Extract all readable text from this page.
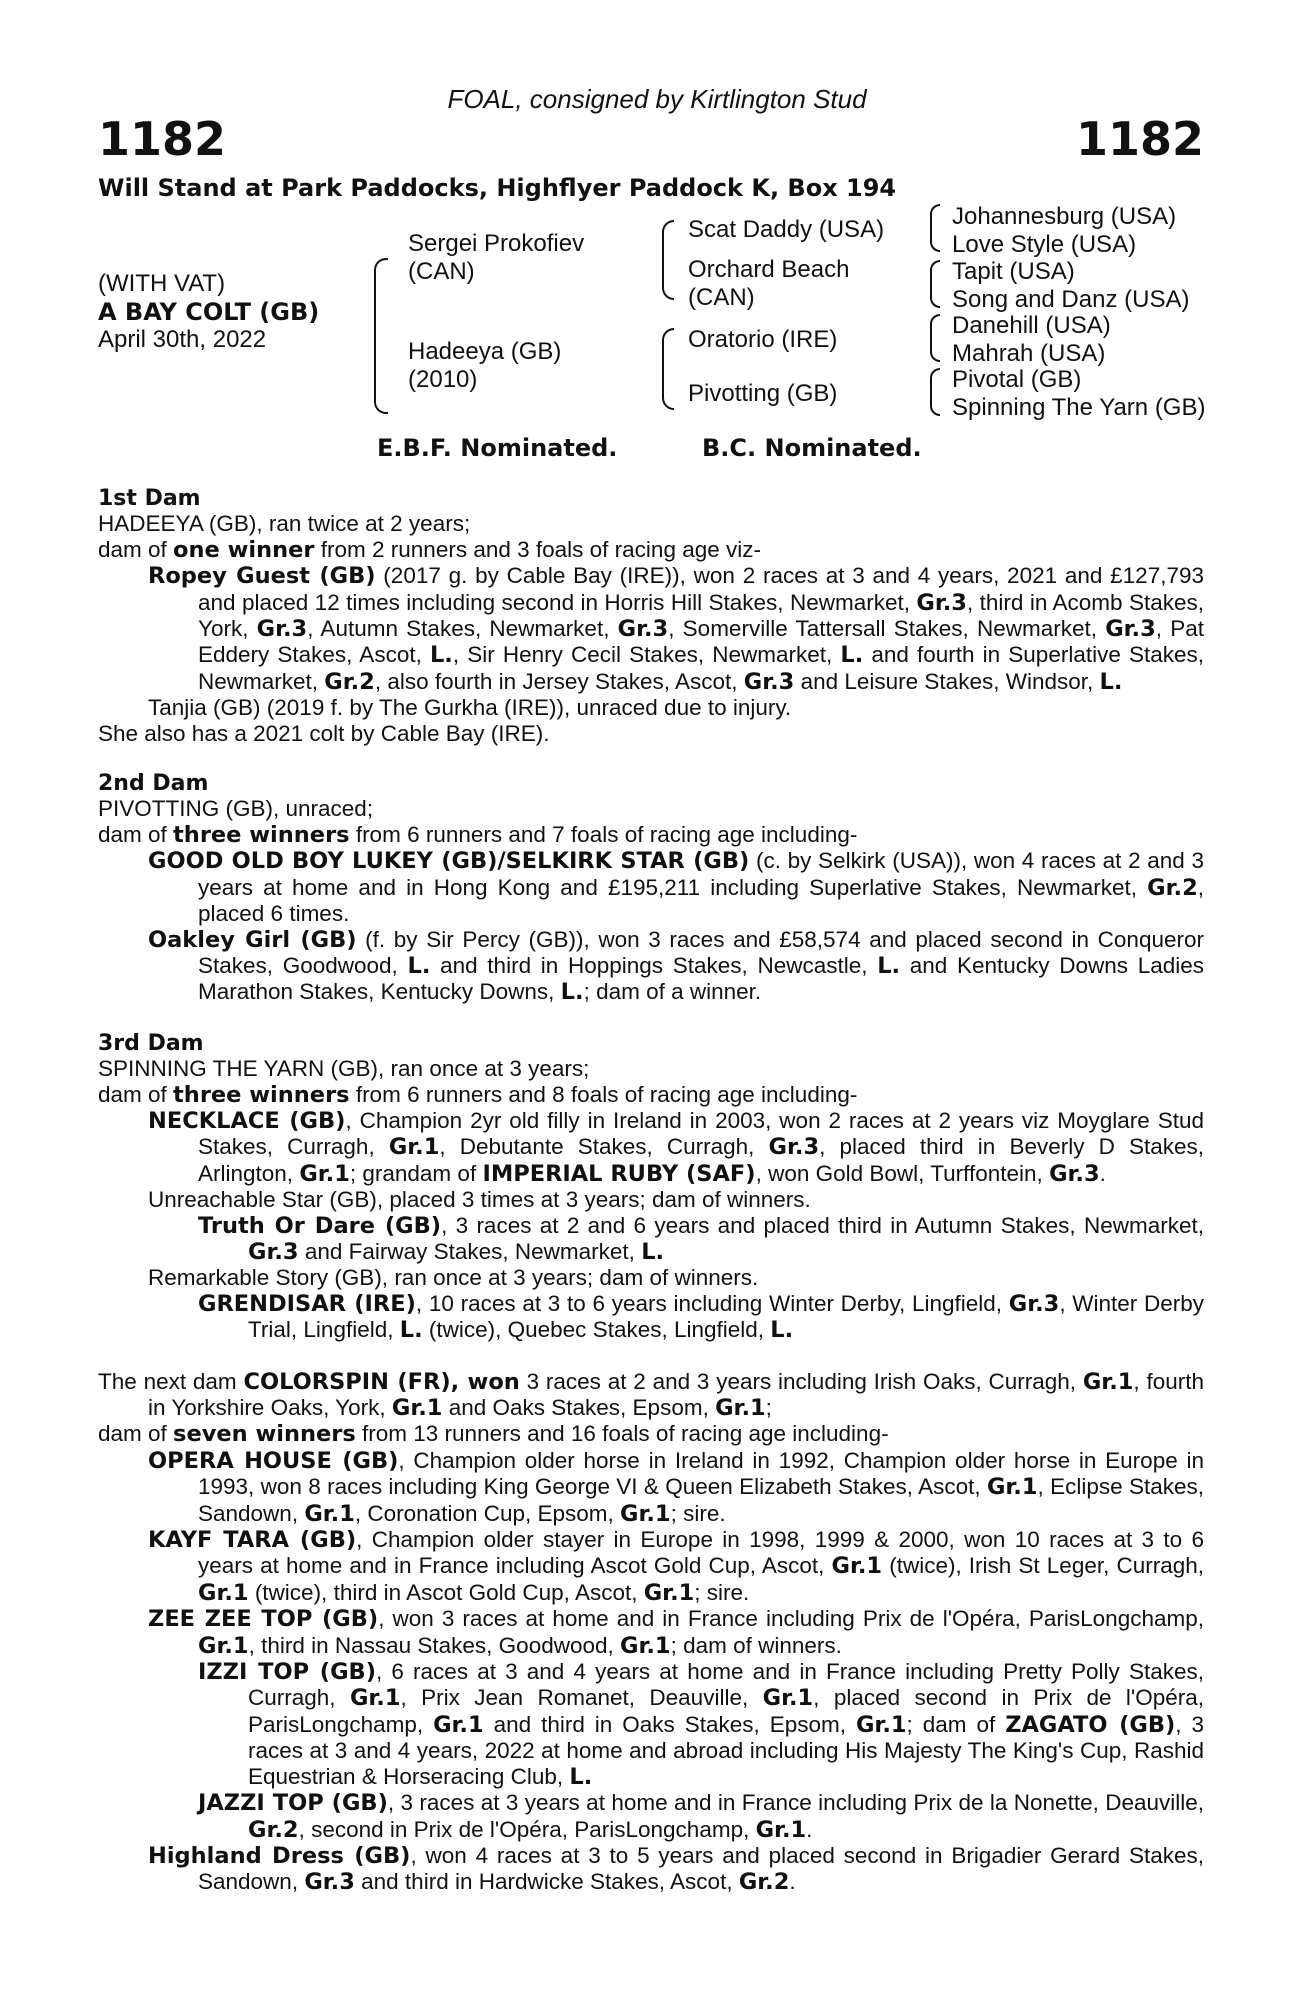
FOAL, consigned by Kirtlington Stud
1182	1182
Will Stand at Park Paddocks, Highflyer Paddock K, Box 194
(WITH VAT)
A BAY COLT (GB)
April 30th, 2022
Sergei Prokofiev
(CAN)
Hadeeya (GB)
(2010)
Scat Daddy (USA)
Orchard Beach
(CAN)
Oratorio (IRE)
Pivotting (GB)
Johannesburg (USA)
Love Style (USA)
Tapit (USA)
Song and Danz (USA)
Danehill (USA)
Mahrah (USA)
Pivotal (GB)
Spinning The Yarn (GB)
E.B.F. Nominated.	B.C. Nominated.

1st Dam

HADEEYA (GB), ran twice at 2 years;

dam of one winner from 2 runners and 3 foals of racing age viz-

Ropey Guest (GB) (2017 g. by Cable Bay (IRE)), won 2 races at 3 and 4 years, 2021 and £127,793 and placed 12 times including second in Horris Hill Stakes, Newmarket, Gr.3, third in Acomb Stakes, York, Gr.3, Autumn Stakes, Newmarket, Gr.3, Somerville Tattersall Stakes, Newmarket, Gr.3, Pat Eddery Stakes, Ascot, L., Sir Henry Cecil Stakes, Newmarket, L. and fourth in Superlative Stakes, Newmarket, Gr.2, also fourth in Jersey Stakes, Ascot, Gr.3 and Leisure Stakes, Windsor, L.

Tanjia (GB) (2019 f. by The Gurkha (IRE)), unraced due to injury.

She also has a 2021 colt by Cable Bay (IRE).

2nd Dam

PIVOTTING (GB), unraced;

dam of three winners from 6 runners and 7 foals of racing age including-

GOOD OLD BOY LUKEY (GB)/SELKIRK STAR (GB) (c. by Selkirk (USA)), won 4 races at 2 and 3 years at home and in Hong Kong and £195,211 including Superlative Stakes, Newmarket, Gr.2, placed 6 times.

Oakley Girl (GB) (f. by Sir Percy (GB)), won 3 races and £58,574 and placed second in Conqueror Stakes, Goodwood, L. and third in Hoppings Stakes, Newcastle, L. and Kentucky Downs Ladies Marathon Stakes, Kentucky Downs, L.; dam of a winner.

3rd Dam

SPINNING THE YARN (GB), ran once at 3 years;

dam of three winners from 6 runners and 8 foals of racing age including-

NECKLACE (GB), Champion 2yr old filly in Ireland in 2003, won 2 races at 2 years viz Moyglare Stud Stakes, Curragh, Gr.1, Debutante Stakes, Curragh, Gr.3, placed third in Beverly D Stakes, Arlington, Gr.1; grandam of IMPERIAL RUBY (SAF), won Gold Bowl, Turffontein, Gr.3.

Unreachable Star (GB), placed 3 times at 3 years; dam of winners.

Truth Or Dare (GB), 3 races at 2 and 6 years and placed third in Autumn Stakes, Newmarket, Gr.3 and Fairway Stakes, Newmarket, L.

Remarkable Story (GB), ran once at 3 years; dam of winners.

GRENDISAR (IRE), 10 races at 3 to 6 years including Winter Derby, Lingfield, Gr.3, Winter Derby Trial, Lingfield, L. (twice), Quebec Stakes, Lingfield, L.

The next dam COLORSPIN (FR), won 3 races at 2 and 3 years including Irish Oaks, Curragh, Gr.1, fourth in Yorkshire Oaks, York, Gr.1 and Oaks Stakes, Epsom, Gr.1;

dam of seven winners from 13 runners and 16 foals of racing age including-

OPERA HOUSE (GB), Champion older horse in Ireland in 1992, Champion older horse in Europe in 1993, won 8 races including King George VI & Queen Elizabeth Stakes, Ascot, Gr.1, Eclipse Stakes, Sandown, Gr.1, Coronation Cup, Epsom, Gr.1; sire.

KAYF TARA (GB), Champion older stayer in Europe in 1998, 1999 & 2000, won 10 races at 3 to 6 years at home and in France including Ascot Gold Cup, Ascot, Gr.1 (twice), Irish St Leger, Curragh, Gr.1 (twice), third in Ascot Gold Cup, Ascot, Gr.1; sire.

ZEE ZEE TOP (GB), won 3 races at home and in France including Prix de l'Opéra, ParisLongchamp, Gr.1, third in Nassau Stakes, Goodwood, Gr.1; dam of winners.

IZZI TOP (GB), 6 races at 3 and 4 years at home and in France including Pretty Polly Stakes, Curragh, Gr.1, Prix Jean Romanet, Deauville, Gr.1, placed second in Prix de l'Opéra, ParisLongchamp, Gr.1 and third in Oaks Stakes, Epsom, Gr.1; dam of ZAGATO (GB), 3 races at 3 and 4 years, 2022 at home and abroad including His Majesty The King's Cup, Rashid Equestrian & Horseracing Club, L.

JAZZI TOP (GB), 3 races at 3 years at home and in France including Prix de la Nonette, Deauville, Gr.2, second in Prix de l'Opéra, ParisLongchamp, Gr.1.

Highland Dress (GB), won 4 races at 3 to 5 years and placed second in Brigadier Gerard Stakes, Sandown, Gr.3 and third in Hardwicke Stakes, Ascot, Gr.2.
